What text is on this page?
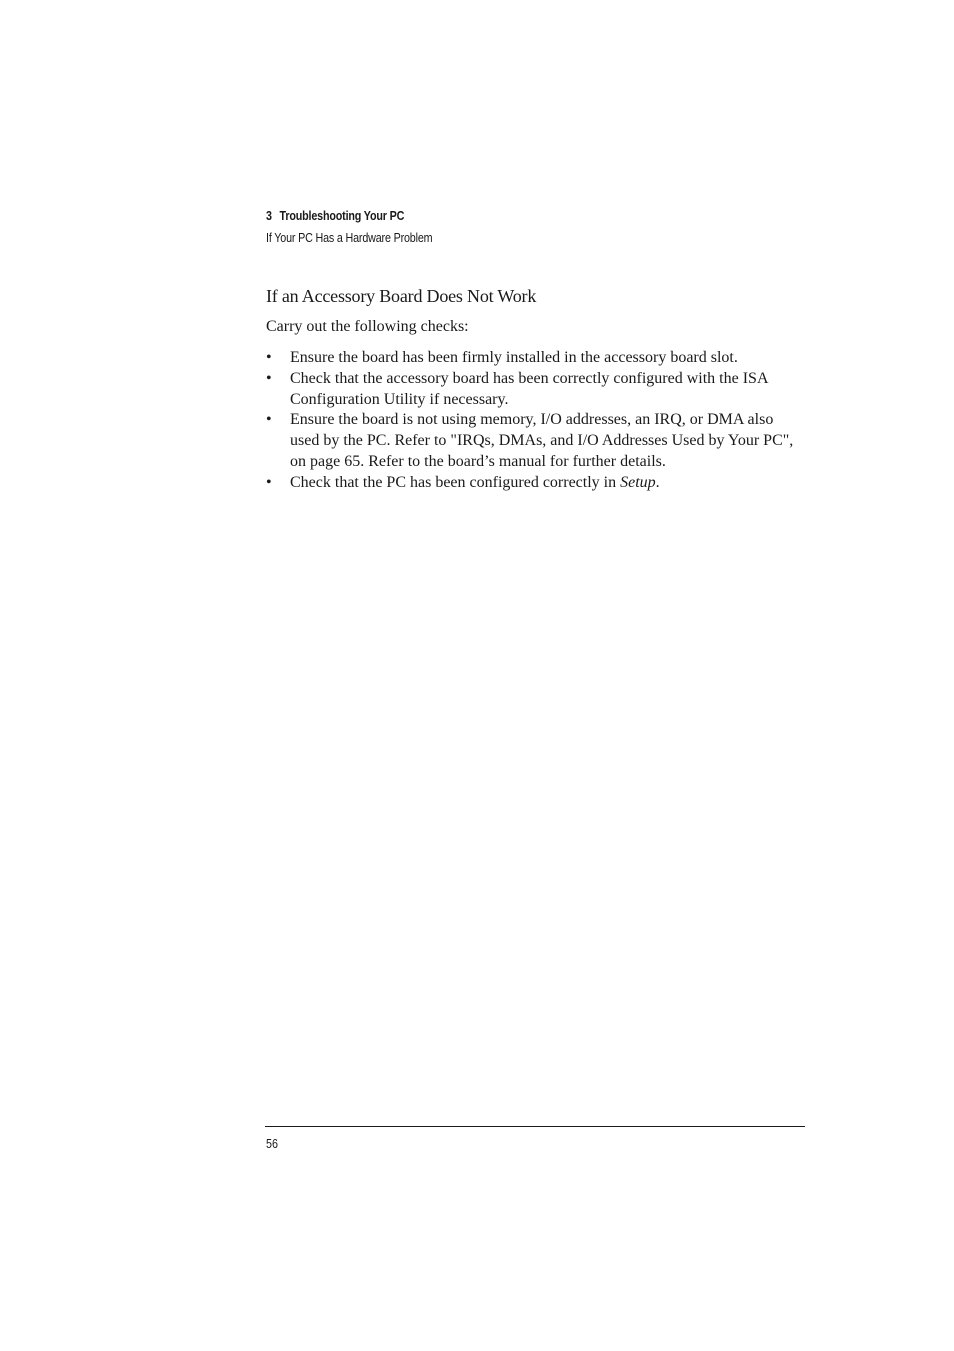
3 Troubleshooting Your PC
If Your PC Has a Hardware Problem
If an Accessory Board Does Not Work

Carry out the following checks:

• Ensure the board has been firmly installed in the accessory board slot.
• Check that the accessory board has been correctly configured with the ISA Configuration Utility if necessary.
• Ensure the board is not using memory, I/O addresses, an IRQ, or DMA also used by the PC. Refer to "IRQs, DMAs, and I/O Addresses Used by Your PC", on page 65. Refer to the board’s manual for further details.
• Check that the PC has been configured correctly in Setup.
56
